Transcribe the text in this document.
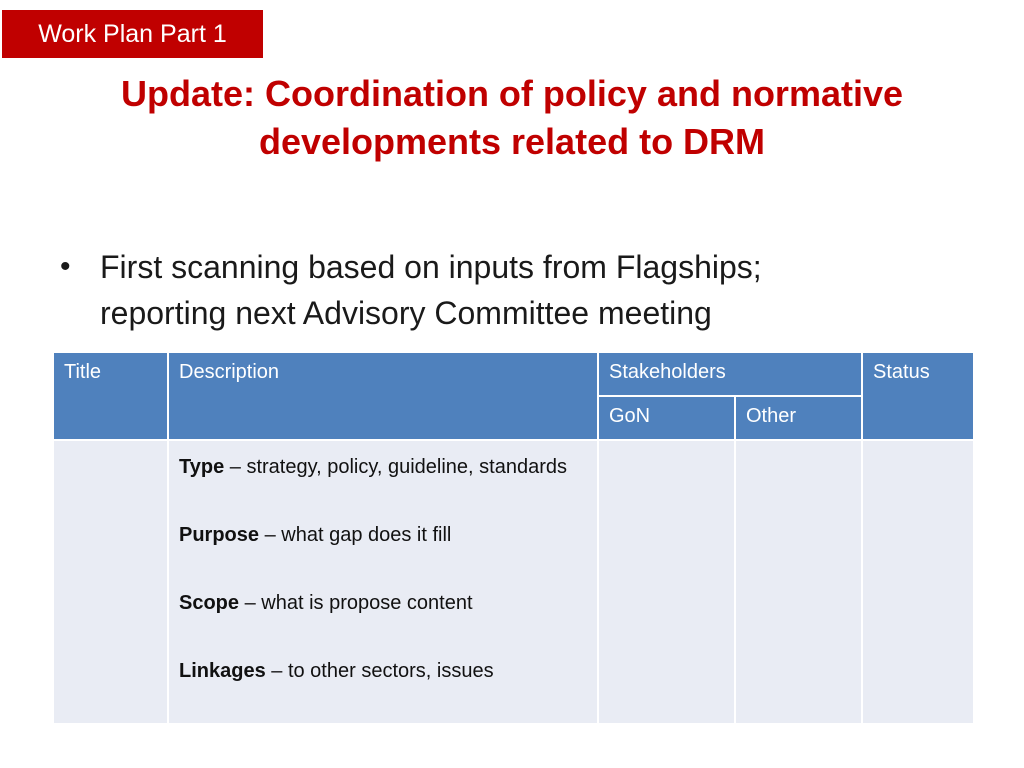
Work Plan Part 1
Update: Coordination of policy and normative
developments related to DRM
• First scanning based on inputs from Flagships;
reporting next Advisory Committee meeting
Title	Description	Stakeholders		Status
		GoN	Other	

	Type – strategy, policy, guideline, standards
Purpose – what gap does it fill
Scope – what is propose content
Linkages – to other sectors, issues			
